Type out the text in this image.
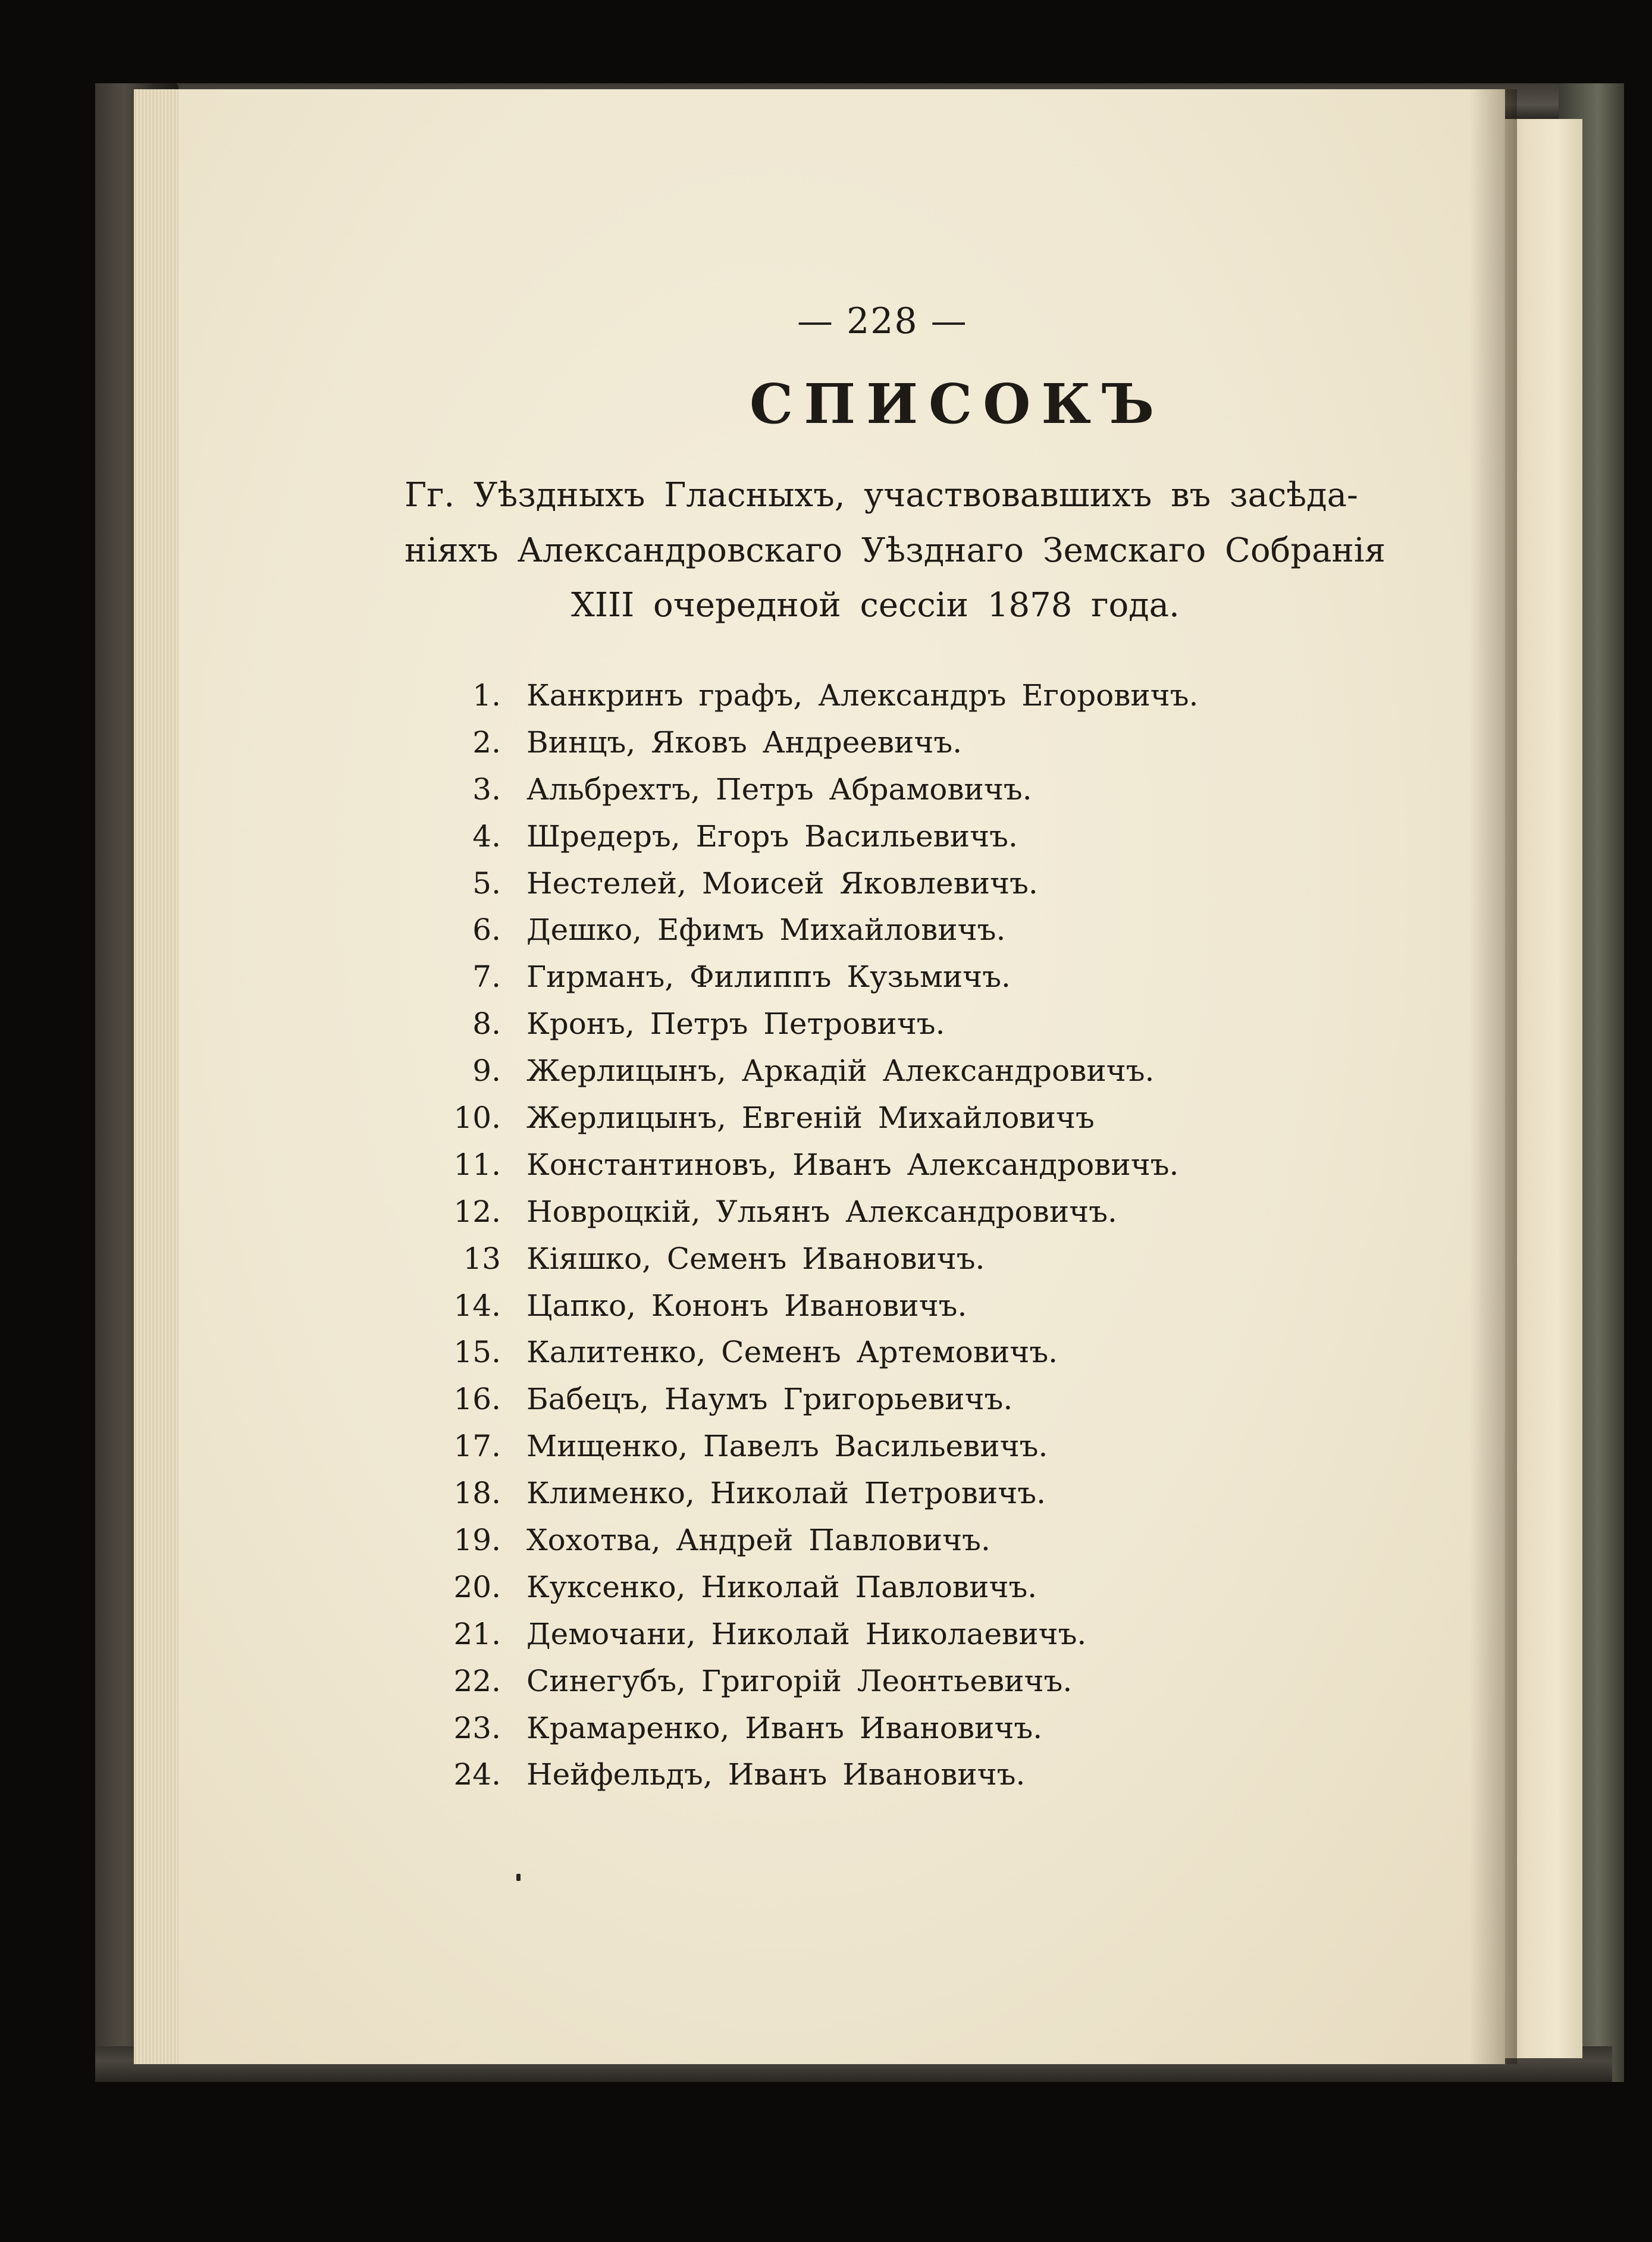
— 228 —
СПИСОКЪ
Гг. Уѣздныхъ Гласныхъ, участвовавшихъ въ засѣда-
ніяхъ Александровскаго Уѣзднаго Земскаго Собранія
XIII очередной сессіи 1878 года.
1. Канкринъ графъ, Александръ Егоровичъ.
2. Винцъ, Яковъ Андреевичъ.
3. Альбрехтъ, Петръ Абрамовичъ.
4. Шредеръ, Егоръ Васильевичъ.
5. Нестелей, Моисей Яковлевичъ.
6. Дешко, Ефимъ Михайловичъ.
7. Гирманъ, Филиппъ Кузьмичъ.
8. Кронъ, Петръ Петровичъ.
9. Жерлицынъ, Аркадій Александровичъ.
10. Жерлицынъ, Евгеній Михайловичъ
11. Константиновъ, Иванъ Александровичъ.
12. Новроцкій, Ульянъ Александровичъ.
13 Кіяшко, Семенъ Ивановичъ.
14. Цапко, Кононъ Ивановичъ.
15. Калитенко, Семенъ Артемовичъ.
16. Бабецъ, Наумъ Григорьевичъ.
17. Мищенко, Павелъ Васильевичъ.
18. Клименко, Николай Петровичъ.
19. Хохотва, Андрей Павловичъ.
20. Куксенко, Николай Павловичъ.
21. Демочани, Николай Николаевичъ.
22. Синегубъ, Григорій Леонтьевичъ.
23. Крамаренко, Иванъ Ивановичъ.
24. Нейфельдъ, Иванъ Ивановичъ.
